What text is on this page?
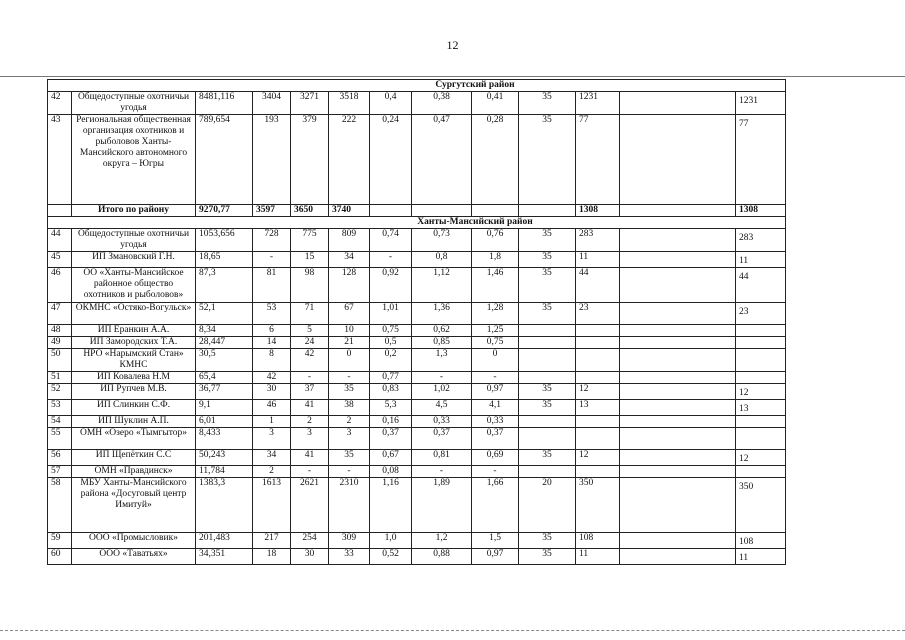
12
Сургутский район												
42	Общедоступные охотничьи угодья	8481,116	3404	3271	3518	0,4	0,38	0,41	35	1231		1231
43	Региональная общественная организация охотников и рыболовов Ханты-Мансийского автономного округа – Югры	789,654	193	379	222	0,24	0,47	0,28	35	77		77
	Итого по району	9270,77	3597	3650	3740					1308		1308
Ханты-Мансийский район												
44	Общедоступные охотничьи угодья	1053,656	728	775	809	0,74	0,73	0,76	35	283		283
45	ИП Змановский Г.Н.	18,65	-	15	34	-	0,8	1,8	35	11		11
46	ОО «Ханты-Мансийское районное общество охотников и рыболовов»	87,3	81	98	128	0,92	1,12	1,46	35	44		44
47	ОКМНС «Остяко-Вогульск»	52,1	53	71	67	1,01	1,36	1,28	35	23		23
48	ИП Еранкин А.А.	8,34	6	5	10	0,75	0,62	1,25				
49	ИП Замородских Т.А.	28,447	14	24	21	0,5	0,85	0,75				
50	НРО «Нарымский Стан» КМНС	30,5	8	42	0	0,2	1,3	0				
51	ИП Ковалева Н.М	65,4	42	-	-	0,77	-	-				
52	ИП Рупчев М.В.	36,77	30	37	35	0,83	1,02	0,97	35	12		12
53	ИП Слинкин С.Ф.	9,1	46	41	38	5,3	4,5	4,1	35	13		13
54	ИП Шуклин А.П.	6,01	1	2	2	0,16	0,33	0,33				
55	ОМН «Озеро «Тымгытор»	8,433	3	3	3	0,37	0,37	0,37				
56	ИП Щепёткин С.С	50,243	34	41	35	0,67	0,81	0,69	35	12		12
57	ОМН «Правдинск»	11,784	2	-	-	0,08	-	-				
58	МБУ Ханты-Мансийского района «Досуговый центр Имитуй»	1383,3	1613	2621	2310	1,16	1,89	1,66	20	350		350
59	ООО «Промысловик»	201,483	217	254	309	1,0	1,2	1,5	35	108		108
60	ООО «Таватьях»	34,351	18	30	33	0,52	0,88	0,97	35	11		11
